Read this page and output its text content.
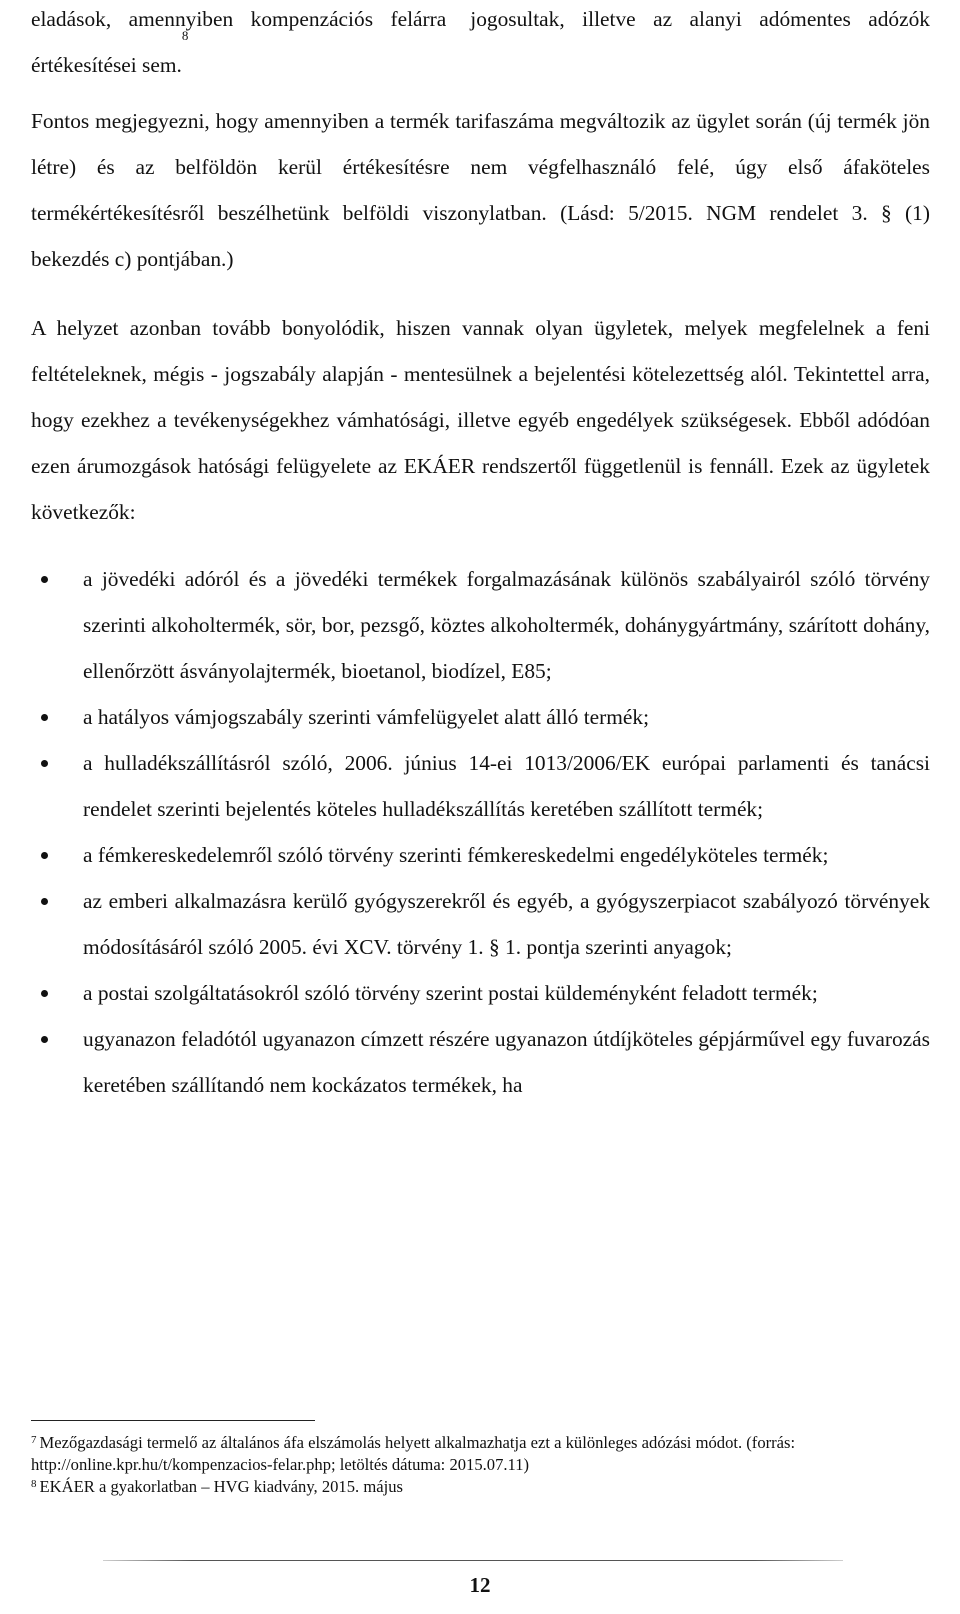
eladások, amennyiben kompenzációs felárra jogosultak, illetve az alanyi adómentes adózók értékesítései sem.$^8$

Fontos megjegyezni, hogy amennyiben a termék tarifaszáma megváltozik az ügylet során (új termék jön létre) és az belföldön kerül értékesítésre nem végfelhasználó felé, úgy első áfaköteles termékértékesítésről beszélhetünk belföldi viszonylatban. (Lásd: 5/2015. NGM rendelet 3. § (1) bekezdés c) pontjában.)

A helyzet azonban tovább bonyolódik, hiszen vannak olyan ügyletek, melyek megfelelnek a feni feltételeknek, mégis - jogszabály alapján - mentesülnek a bejelentési kötelezettség alól. Tekintettel arra, hogy ezekhez a tevékenységekhez vámhatósági, illetve egyéb engedélyek szükségesek. Ebből adódóan ezen árumozgások hatósági felügyelete az EKÁER rendszertől függetlenül is fennáll. Ezek az ügyletek következők:

a jövedéki adóról és a jövedéki termékek forgalmazásának különös szabályairól szóló törvény szerinti alkoholtermék, sör, bor, pezsgő, köztes alkoholtermék, dohánygyártmány, szárított dohány, ellenőrzött ásványolajtermék, bioetanol, biodízel, E85;
a hatályos vámjogszabály szerinti vámfelügyelet alatt álló termék;
a hulladékszállításról szóló, 2006. június 14-ei 1013/2006/EK európai parlamenti és tanácsi rendelet szerinti bejelentés köteles hulladékszállítás keretében szállított termék;
a fémkereskedelemről szóló törvény szerinti fémkereskedelmi engedélyköteles termék;
az emberi alkalmazásra kerülő gyógyszerekről és egyéb, a gyógyszerpiacot szabályozó törvények módosításáról szóló 2005. évi XCV. törvény 1. § 1. pontja szerinti anyagok;
a postai szolgáltatásokról szóló törvény szerint postai küldeményként feladott termék;
ugyanazon feladótól ugyanazon címzett részére ugyanazon útdíjköteles gépjárművel egy fuvarozás keretében szállítandó nem kockázatos termékek, ha

$^7$ Mezőgazdasági termelő az általános áfa elszámolás helyett alkalmazhatja ezt a különleges adózási módot. (forrás: http://online.kpr.hu/t/kompenzacios-felar.php; letöltés dátuma: 2015.07.11)

$^8$ EKÁER a gyakorlatban – HVG kiadvány, 2015. május

12
